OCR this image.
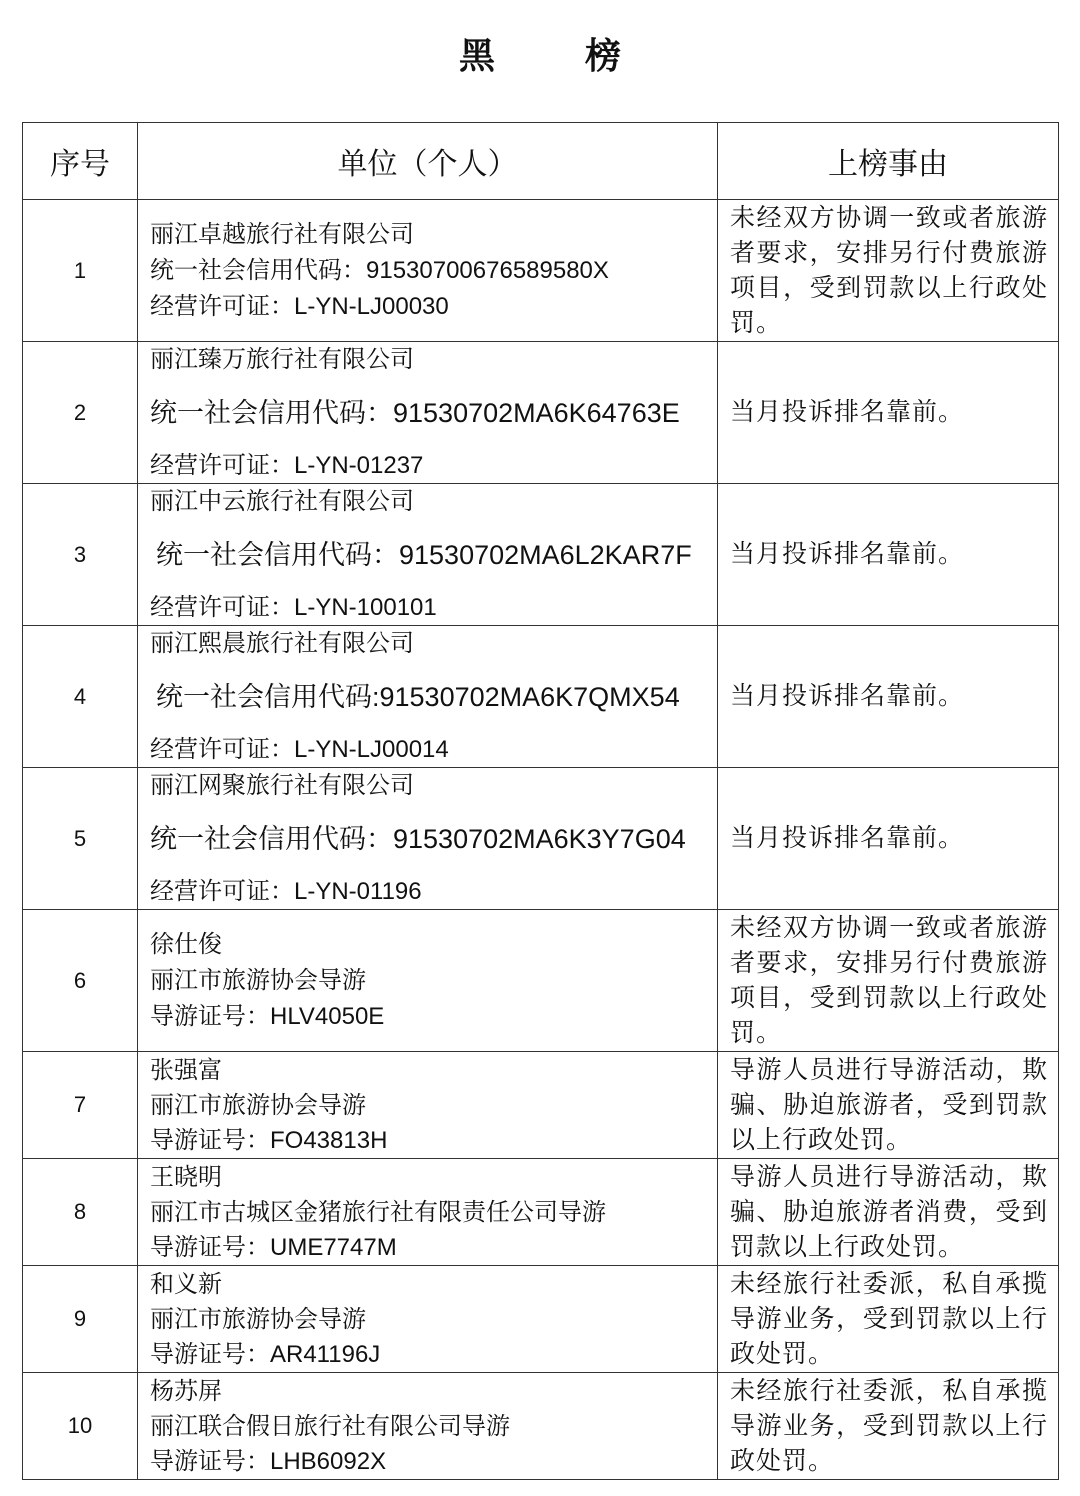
黑 榜
序号	单位（个人）	上榜事由
1	丽江卓越旅行社有限公司
统一社会信用代码：91530700676589580X
经营许可证：L-YN-LJ00030	未经双方协调一致或者旅游者要求，安排另行付费旅游项目，受到罚款以上行政处罚。
2	丽江臻万旅行社有限公司
统一社会信用代码：91530702MA6K64763E
经营许可证：L-YN-01237	当月投诉排名靠前。
3	丽江中云旅行社有限公司
统一社会信用代码：91530702MA6L2KAR7F
经营许可证：L-YN-100101	当月投诉排名靠前。
4	丽江熙晨旅行社有限公司
统一社会信用代码:91530702MA6K7QMX54
经营许可证：L-YN-LJ00014	当月投诉排名靠前。
5	丽江网聚旅行社有限公司
统一社会信用代码：91530702MA6K3Y7G04
经营许可证：L-YN-01196	当月投诉排名靠前。
6	徐仕俊
丽江市旅游协会导游
导游证号：HLV4050E	未经双方协调一致或者旅游者要求，安排另行付费旅游项目，受到罚款以上行政处罚。
7	张强富
丽江市旅游协会导游
导游证号：FO43813H	导游人员进行导游活动，欺骗、胁迫旅游者，受到罚款以上行政处罚。
8	王晓明
丽江市古城区金猪旅行社有限责任公司导游
导游证号：UME7747M	导游人员进行导游活动，欺骗、胁迫旅游者消费，受到罚款以上行政处罚。
9	和义新
丽江市旅游协会导游
导游证号：AR41196J	未经旅行社委派，私自承揽导游业务，受到罚款以上行政处罚。
10	杨苏屏
丽江联合假日旅行社有限公司导游
导游证号：LHB6092X	未经旅行社委派，私自承揽导游业务，受到罚款以上行政处罚。
